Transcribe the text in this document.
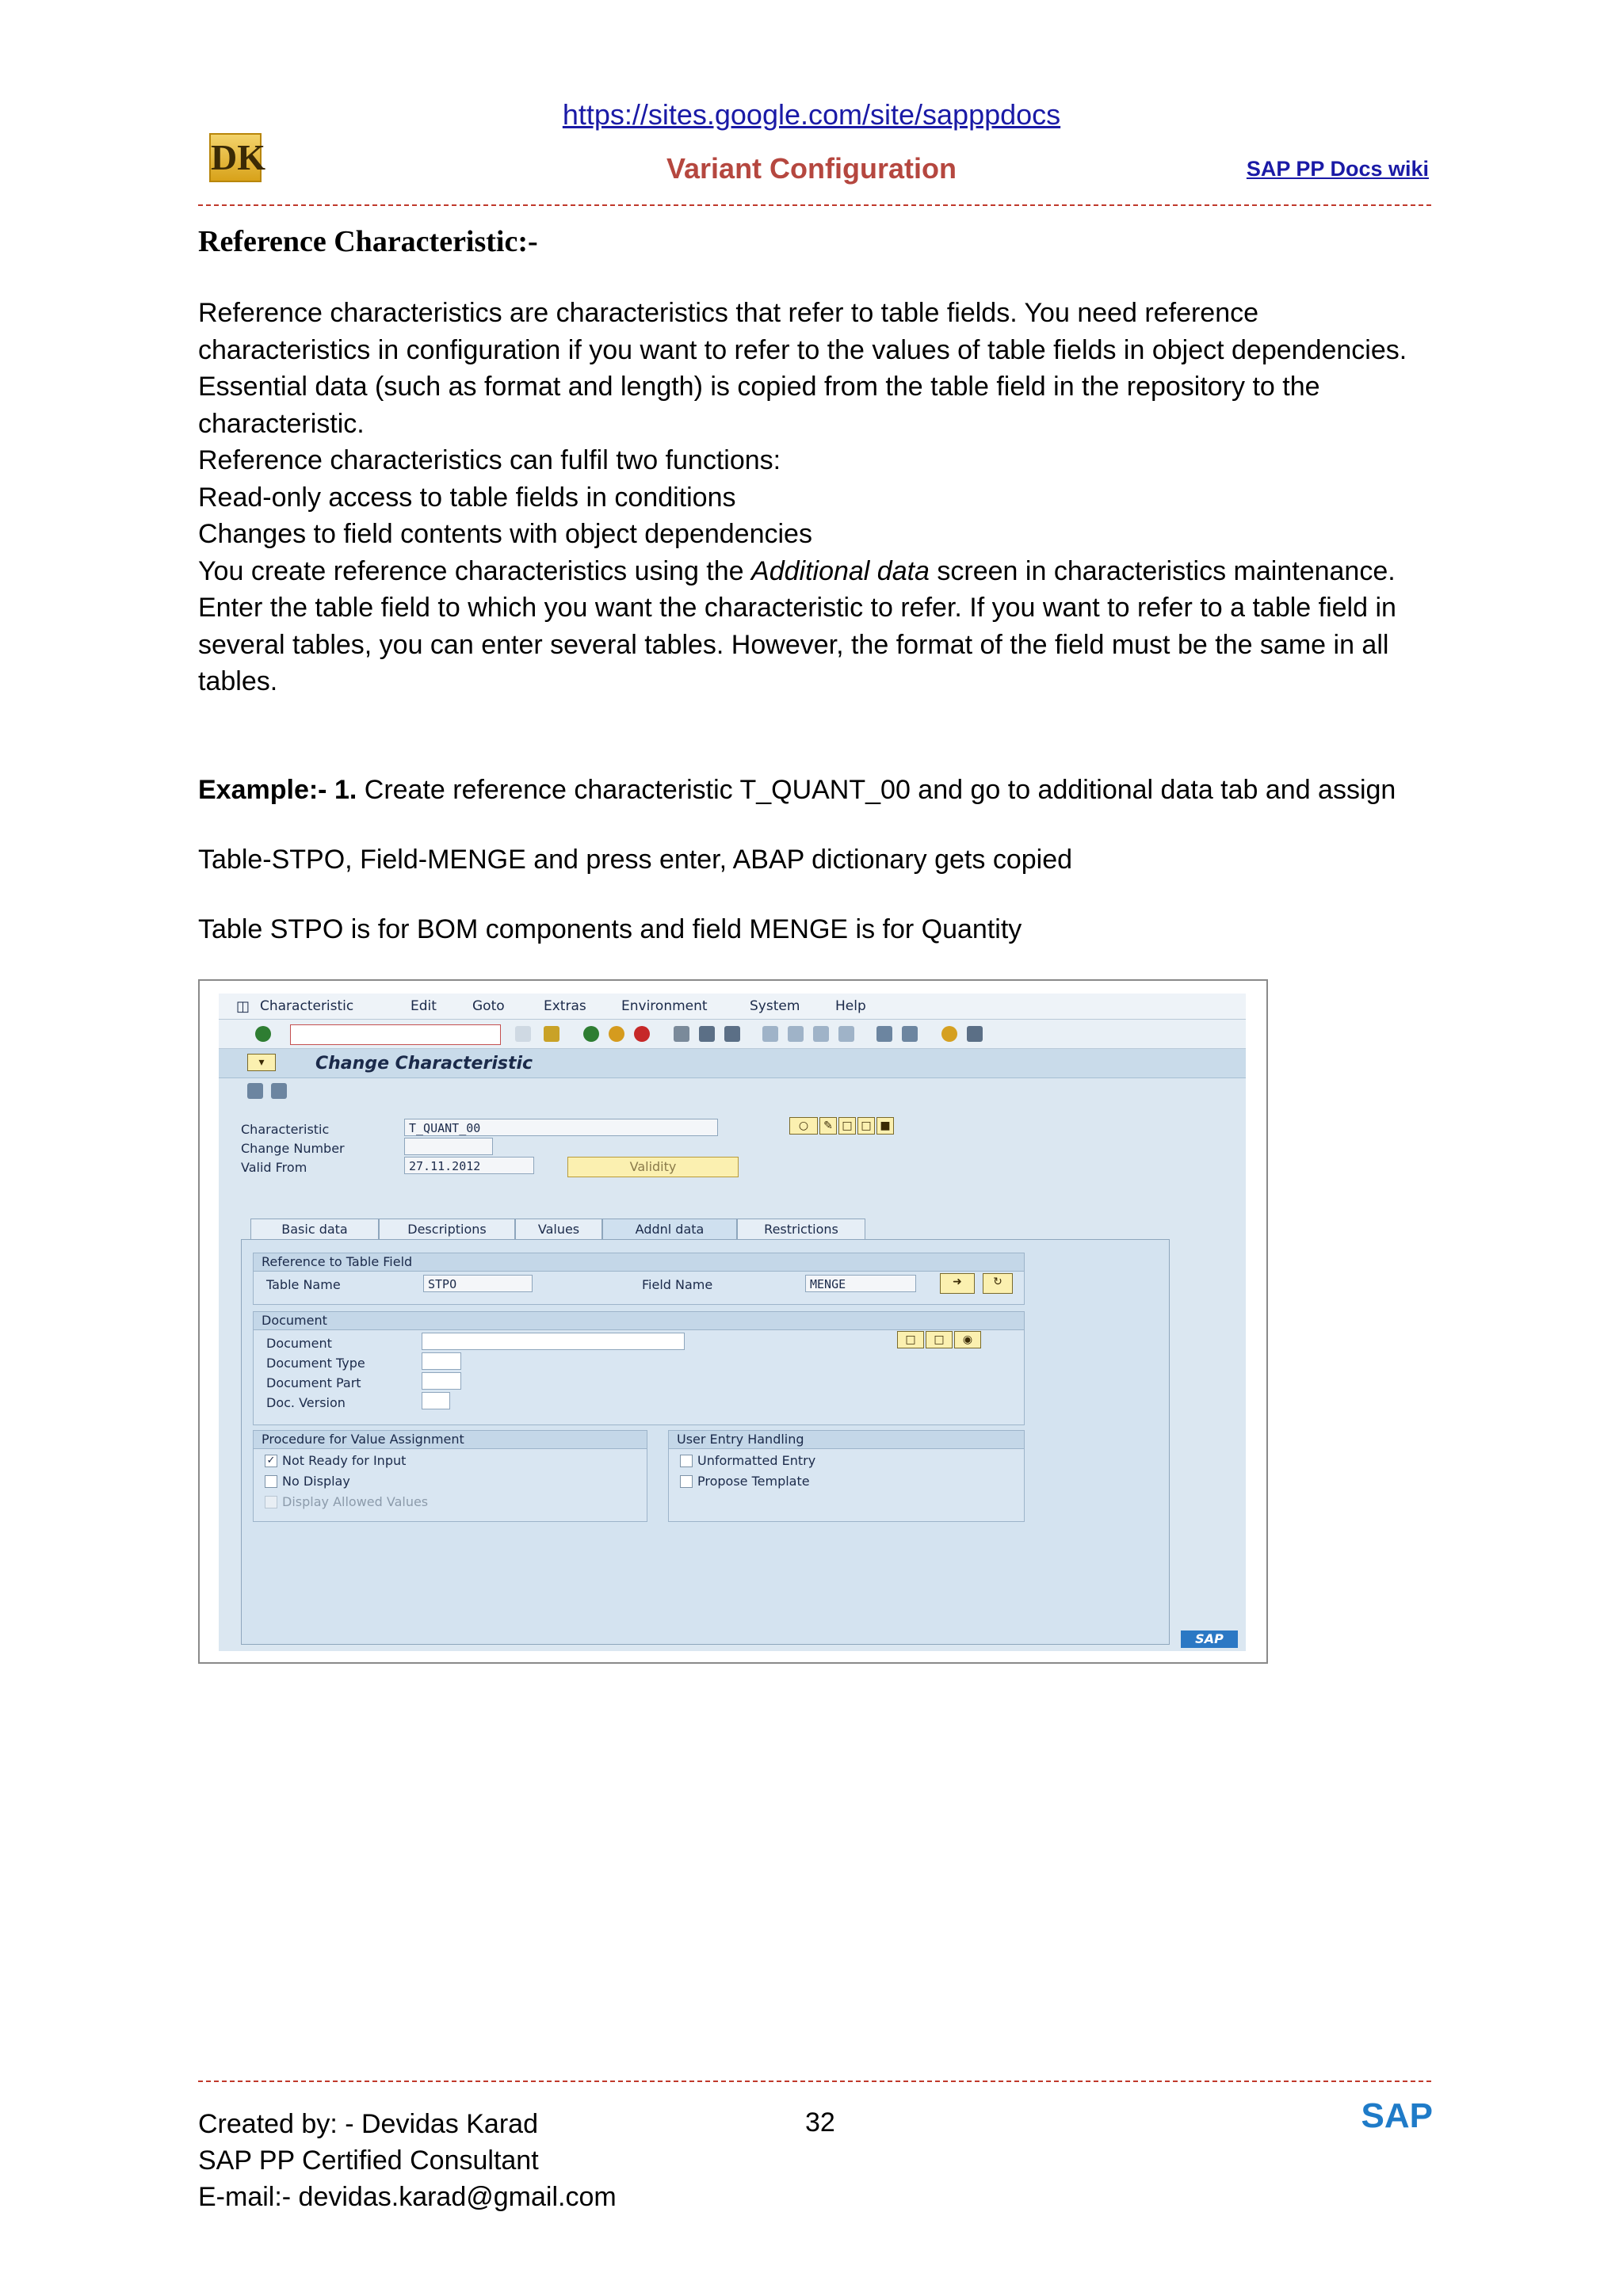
https://sites.google.com/site/sapppdocs
DK	Variant Configuration	SAP PP Docs wiki
Reference Characteristic:-

Reference characteristics are characteristics that refer to table fields. You need reference characteristics in configuration if you want to refer to the values of table fields in object dependencies.

Essential data (such as format and length) is copied from the table field in the repository to the characteristic.

Reference characteristics can fulfil two functions:

Read-only access to table fields in conditions

Changes to field contents with object dependencies

You create reference characteristics using the Additional data screen in characteristics maintenance. Enter the table field to which you want the characteristic to refer. If you want to refer to a table field in several tables, you can enter several tables. However, the format of the field must be the same in all tables.

Example:- 1. Create reference characteristic T_QUANT_00 and go to additional data tab and assign
Table-STPO, Field-MENGE and press enter, ABAP dictionary gets copied
Table STPO is for BOM components and field MENGE is for Quantity
◫ Characteristic	Edit	Goto	Extras	Environment	System	Help
▾	Change Characteristic
Characteristic	T_QUANT_00
Change Number
Valid From	27.11.2012	Validity
○	✎ □ □ ■
Basic data	Descriptions	Values	Addnl data	Restrictions
Reference to Table Field
Table Name	STPO	Field Name	MENGE	➜	↻
Document
Document
Document Type
Document Part
Doc. Version
□	□	◉
Procedure for Value Assignment
✓ Not Ready for Input
No Display
Display Allowed Values
User Entry Handling
Unformatted Entry
Propose Template
SAP
Created by: - Devidas Karad
SAP PP Certified Consultant
E-mail:- devidas.karad@gmail.com
32	SAP
